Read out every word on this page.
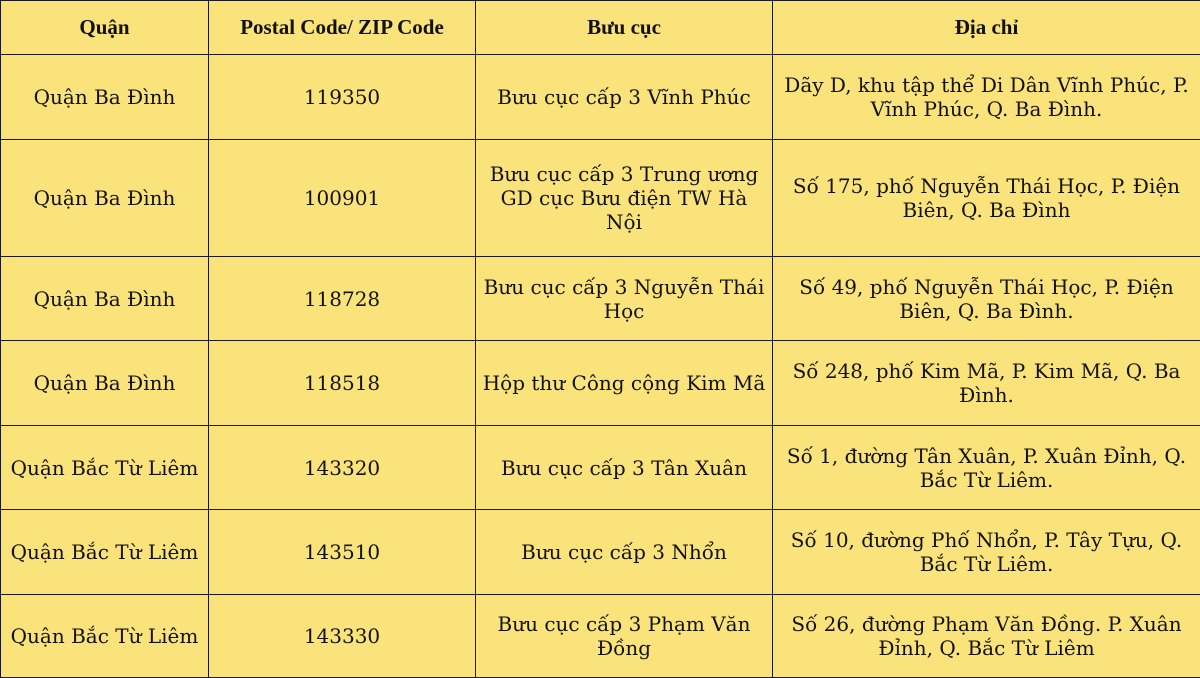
Quận	Postal Code/ ZIP Code	Bưu cục	Địa chỉ
Quận Ba Đình	119350	Bưu cục cấp 3 Vĩnh Phúc	Dãy D, khu tập thể Di Dân Vĩnh Phúc, P. Vĩnh Phúc, Q. Ba Đình.
Quận Ba Đình	100901	Bưu cục cấp 3 Trung ương GD cục Bưu điện TW Hà Nội	Số 175, phố Nguyễn Thái Học, P. Điện Biên, Q. Ba Đình
Quận Ba Đình	118728	Bưu cục cấp 3 Nguyễn Thái Học	Số 49, phố Nguyễn Thái Học, P. Điện Biên, Q. Ba Đình.
Quận Ba Đình	118518	Hộp thư Công cộng Kim Mã	Số 248, phố Kim Mã, P. Kim Mã, Q. Ba Đình.
Quận Bắc Từ Liêm	143320	Bưu cục cấp 3 Tân Xuân	Số 1, đường Tân Xuân, P. Xuân Đỉnh, Q. Bắc Từ Liêm.
Quận Bắc Từ Liêm	143510	Bưu cục cấp 3 Nhổn	Số 10, đường Phố Nhổn, P. Tây Tựu, Q. Bắc Từ Liêm.
Quận Bắc Từ Liêm	143330	Bưu cục cấp 3 Phạm Văn Đồng	Số 26, đường Phạm Văn Đồng. P. Xuân Đỉnh, Q. Bắc Từ Liêm
